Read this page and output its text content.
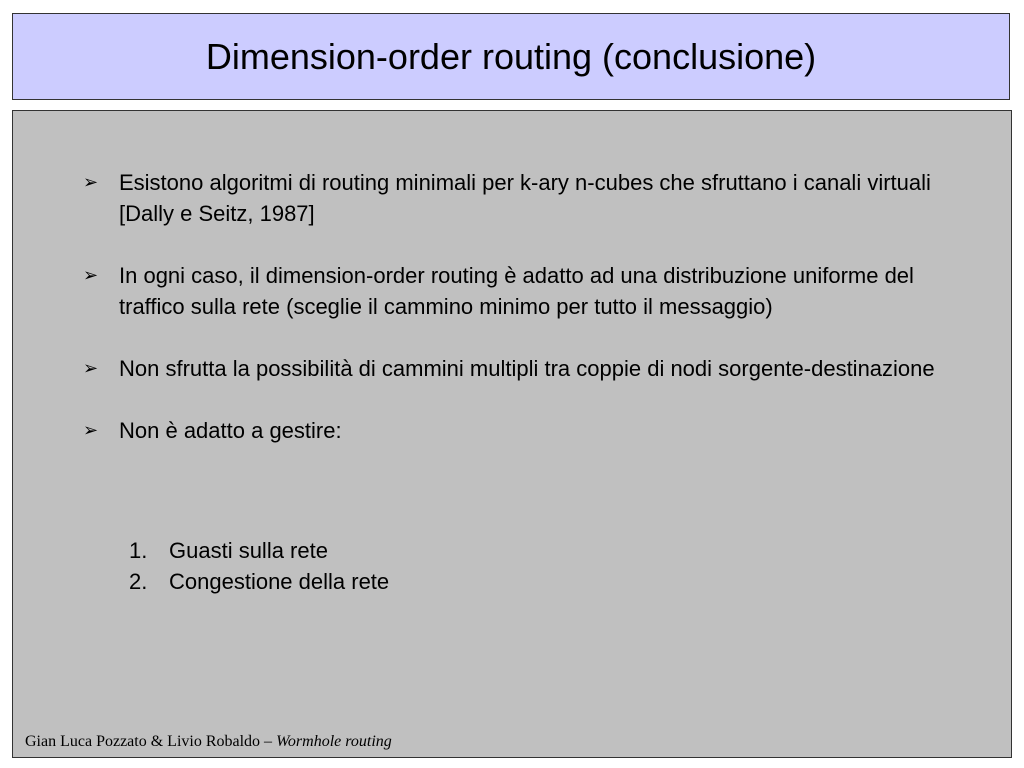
Dimension-order routing (conclusione)
➢ Esistono algoritmi di routing minimali per k-ary n-cubes che sfruttano i canali virtuali [Dally e Seitz, 1987]
➢ In ogni caso, il dimension-order routing è adatto ad una distribuzione uniforme del traffico sulla rete (sceglie il cammino minimo per tutto il messaggio)
➢ Non sfrutta la possibilità di cammini multipli tra coppie di nodi sorgente-destinazione
➢ Non è adatto a gestire:
1. Guasti sulla rete
2. Congestione della rete
Gian Luca Pozzato & Livio Robaldo – Wormhole routing
